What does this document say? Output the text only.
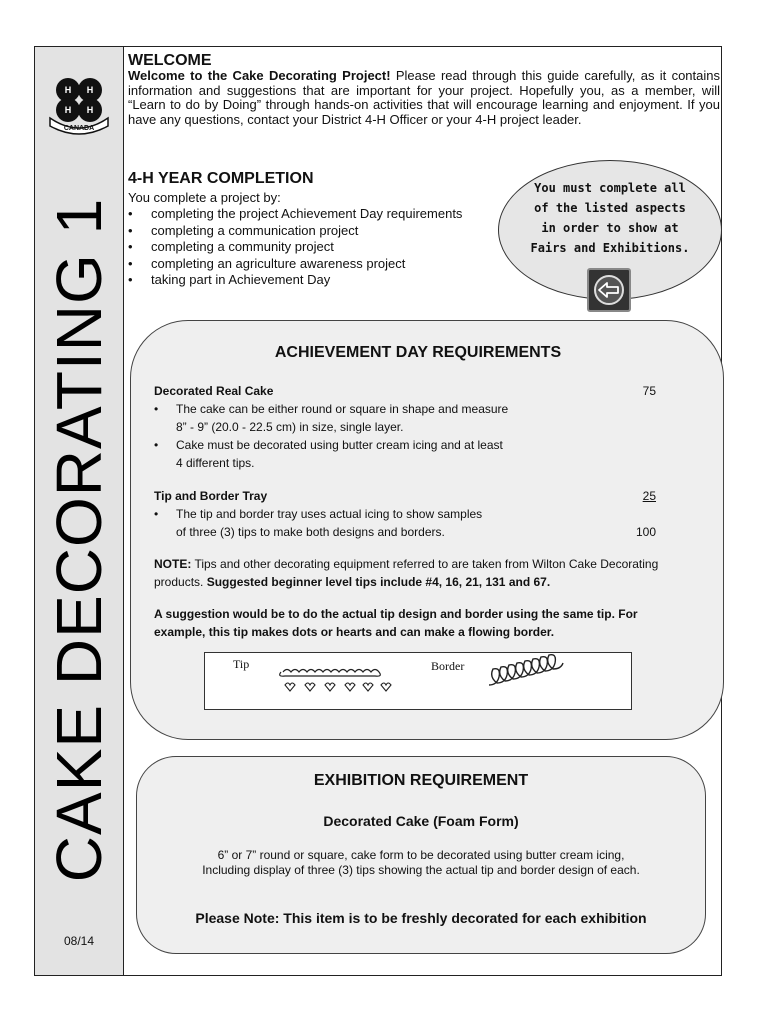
CAKE DECORATING 1
08/14
H H
H H
CANADA

WELCOME

Welcome to the Cake Decorating Project! Please read through this guide carefully, as it contains information and suggestions that are important for your project. Hopefully you, as a member, will “Learn to do by Doing” through hands-on activities that will encourage learning and enjoyment. If you have any questions, contact your District 4-H Officer or your 4-H project leader.

4-H YEAR COMPLETION

You complete a project by:

• completing the project Achievement Day requirements
• completing a communication project
• completing a community project
• completing an agriculture awareness project
• taking part in Achievement Day
You must complete all
of the listed aspects
in order to show at
Fairs and Exhibitions.
ACHIEVEMENT DAY REQUIREMENTS

Decorated Real Cake	75
• The cake can be either round or square in shape and measure
8” - 9” (20.0 - 22.5 cm) in size, single layer.
• Cake must be decorated using butter cream icing and at least
4 different tips.

Tip and Border Tray	25
• The tip and border tray uses actual icing to show samples
of three (3) tips to make both designs and borders.	100

NOTE: Tips and other decorating equipment referred to are taken from Wilton Cake Decorating products. Suggested beginner level tips include #4, 16, 21, 131 and 67.

A suggestion would be to do the actual tip design and border using the same tip. For example, this tip makes dots or hearts and can make a flowing border.

Tip	Border
EXHIBITION REQUIREMENT
Decorated Cake (Foam Form)
6” or 7” round or square, cake form to be decorated using butter cream icing,
Including display of three (3) tips showing the actual tip and border design of each.
Please Note: This item is to be freshly decorated for each exhibition
